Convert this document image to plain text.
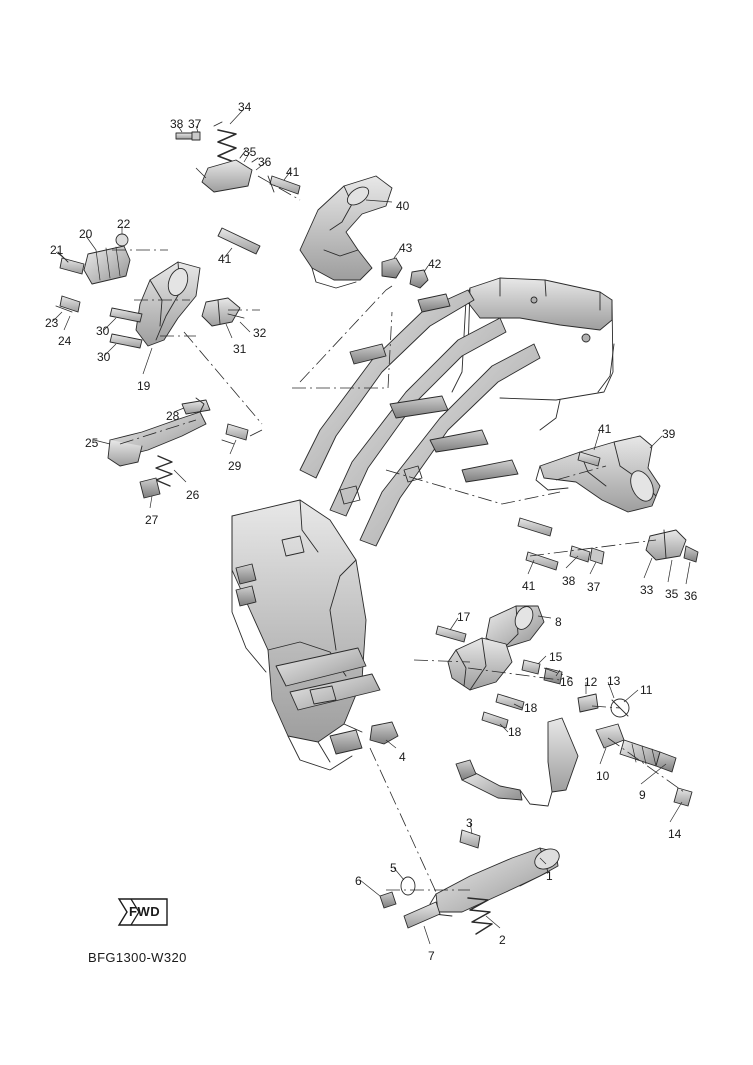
FWD
BFG1300-W320
38 37
34
35
36
41
40
22
20
21
41
43
42
23
24
30
30
32
31
19
28
25
29
26
27
41	39
41 38 37	33 35 36
17	8
15
16 12 13
11
18
18
10
9
14
4
3
5
6	1
2
7
